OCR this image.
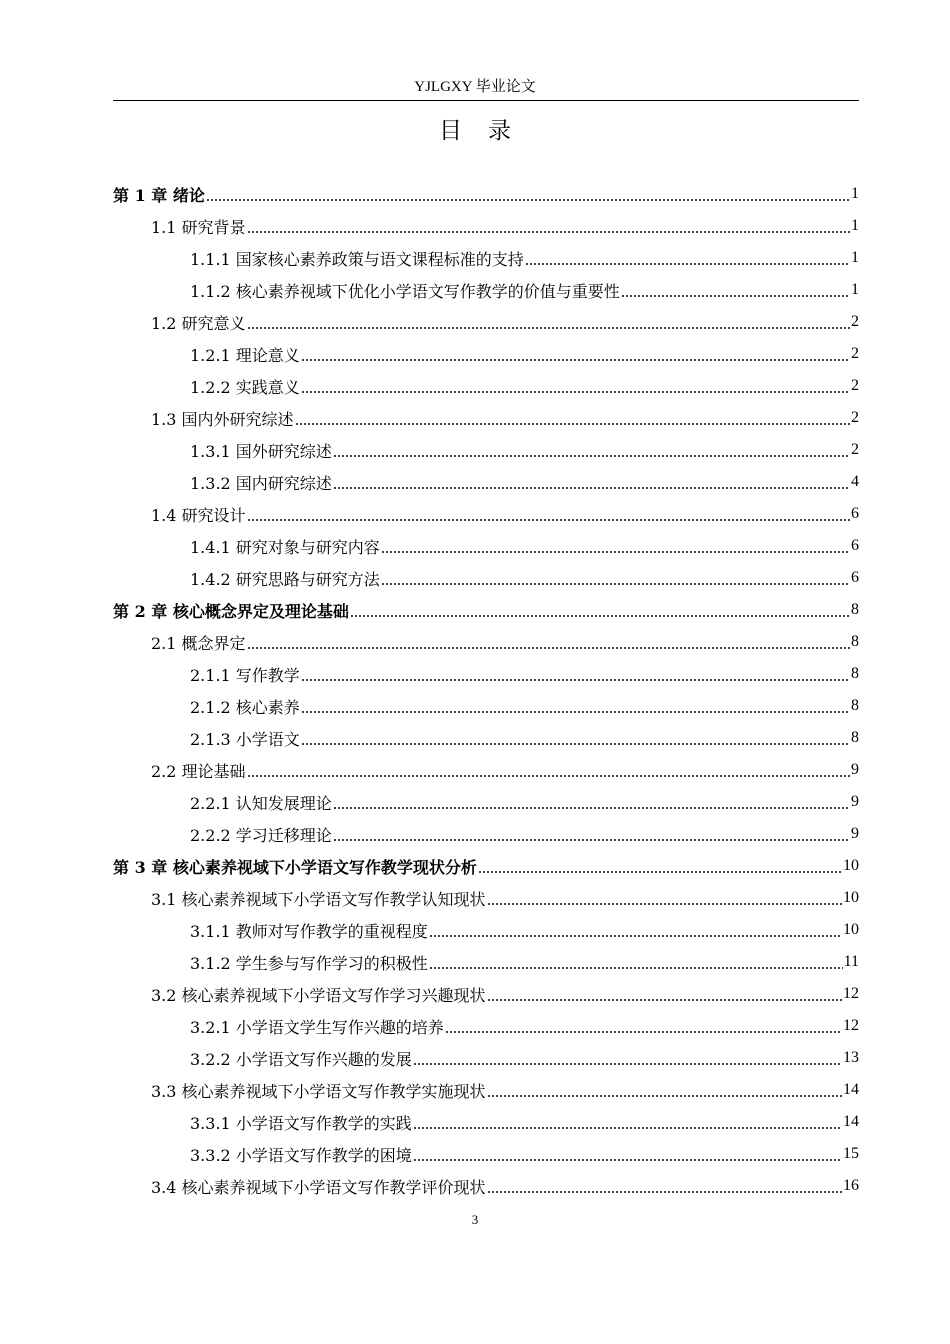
YJLGXY 毕业论文
目录
第 1 章 绪论	1
1.1 研究背景	1
1.1.1 国家核心素养政策与语文课程标准的支持	1
1.1.2 核心素养视域下优化小学语文写作教学的价值与重要性	1
1.2 研究意义	2
1.2.1 理论意义	2
1.2.2 实践意义	2
1.3 国内外研究综述	2
1.3.1 国外研究综述	2
1.3.2 国内研究综述	4
1.4 研究设计	6
1.4.1 研究对象与研究内容	6
1.4.2 研究思路与研究方法	6
第 2 章 核心概念界定及理论基础	8
2.1 概念界定	8
2.1.1 写作教学	8
2.1.2 核心素养	8
2.1.3 小学语文	8
2.2 理论基础	9
2.2.1 认知发展理论	9
2.2.2 学习迁移理论	9
第 3 章 核心素养视域下小学语文写作教学现状分析	10
3.1 核心素养视域下小学语文写作教学认知现状	10
3.1.1 教师对写作教学的重视程度	10
3.1.2 学生参与写作学习的积极性	11
3.2 核心素养视域下小学语文写作学习兴趣现状	12
3.2.1 小学语文学生写作兴趣的培养	12
3.2.2 小学语文写作兴趣的发展	13
3.3 核心素养视域下小学语文写作教学实施现状	14
3.3.1 小学语文写作教学的实践	14
3.3.2 小学语文写作教学的困境	15
3.4 核心素养视域下小学语文写作教学评价现状	16
3
